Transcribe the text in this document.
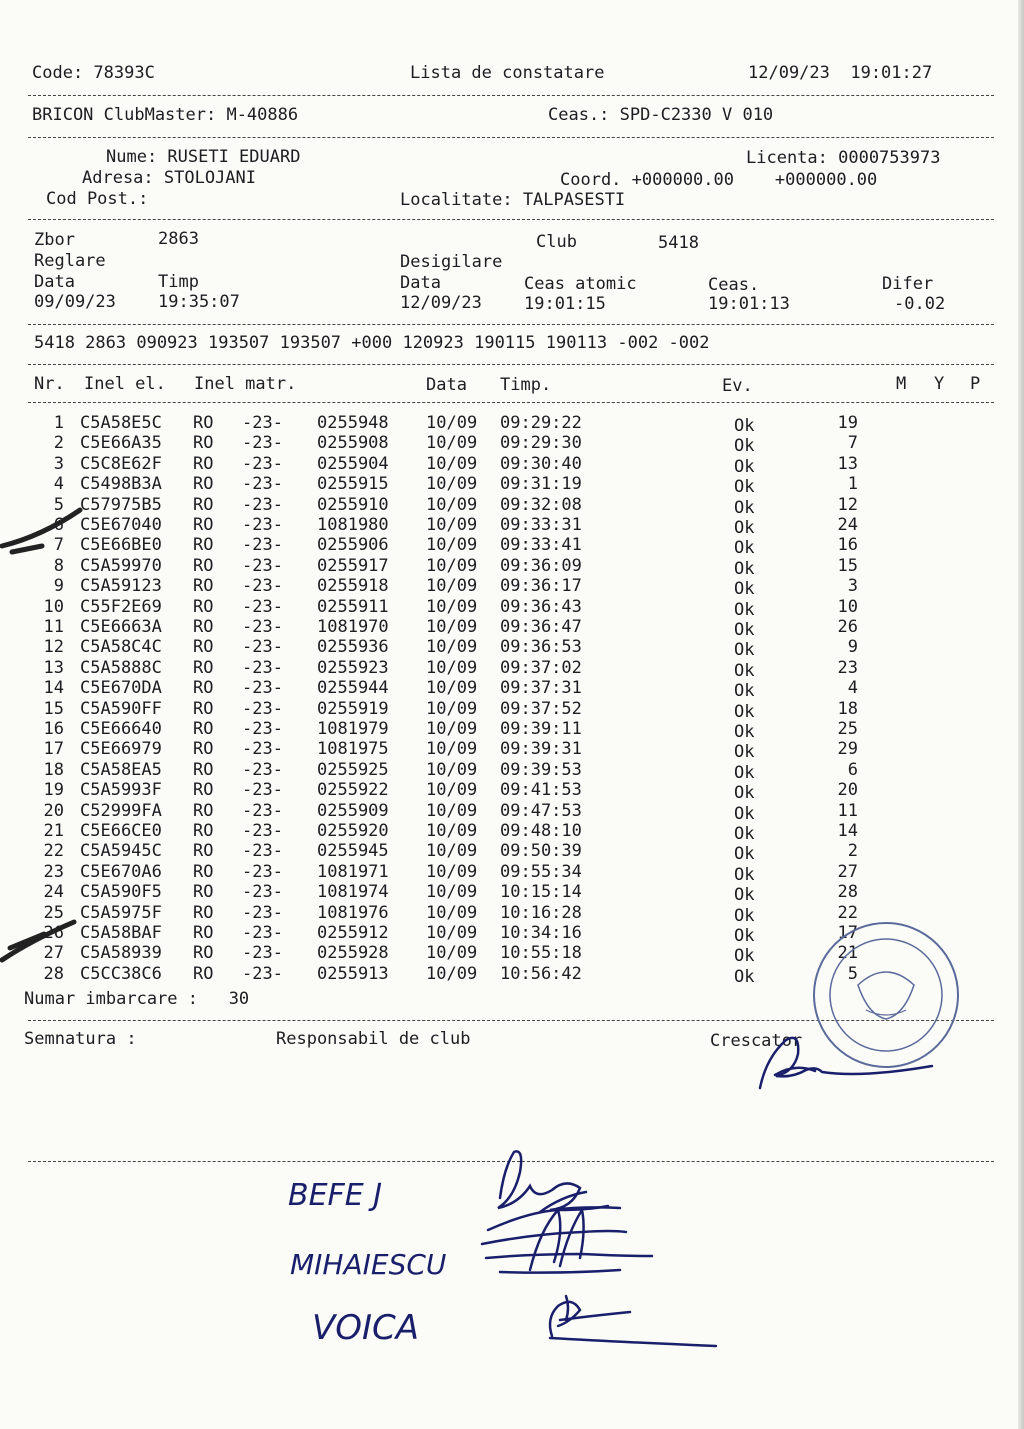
Code: 78393C	Lista de constatare	12/09/23  19:01:27
BRICON ClubMaster: M-40886	Ceas.: SPD-C2330 V 010
Nume: RUSETI EDUARD	Licenta: 0000753973
Adresa: STOLOJANI	Coord. +000000.00    +000000.00
Cod Post.:	Localitate: TALPASESTI
Zbor	2863	Club	5418
Reglare	Desigilare
Data	Timp	Data	Ceas atomic	Ceas.	Difer
09/09/23 19:35:07	12/09/23 19:01:15	19:01:13	-0.02
5418 2863 090923 193507 193507 +000 120923 190115 190113 -002 -002
Nr. Inel el. Inel matr.	Data Timp.	Ev.	M Y P
1 C5A58E5C RO -23- 0255948 10/09 09:29:22	Ok	19
2 C5E66A35 RO -23- 0255908 10/09 09:29:30	Ok	7
3 C5C8E62F RO -23- 0255904 10/09 09:30:40	Ok	13
4 C5498B3A RO -23- 0255915 10/09 09:31:19	Ok	1
5 C57975B5 RO -23- 0255910 10/09 09:32:08	Ok	12
6 C5E67040 RO -23- 1081980 10/09 09:33:31	Ok	24
7 C5E66BE0 RO -23- 0255906 10/09 09:33:41	Ok	16
8 C5A59970 RO -23- 0255917 10/09 09:36:09	Ok	15
9 C5A59123 RO -23- 0255918 10/09 09:36:17	Ok	3
10 C55F2E69 RO -23- 0255911 10/09 09:36:43	Ok	10
11 C5E6663A RO -23- 1081970 10/09 09:36:47	Ok	26
12 C5A58C4C RO -23- 0255936 10/09 09:36:53	Ok	9
13 C5A5888C RO -23- 0255923 10/09 09:37:02	Ok	23
14 C5E670DA RO -23- 0255944 10/09 09:37:31	Ok	4
15 C5A590FF RO -23- 0255919 10/09 09:37:52	Ok	18
16 C5E66640 RO -23- 1081979 10/09 09:39:11	Ok	25
17 C5E66979 RO -23- 1081975 10/09 09:39:31	Ok	29
18 C5A58EA5 RO -23- 0255925 10/09 09:39:53	Ok	6
19 C5A5993F RO -23- 0255922 10/09 09:41:53	Ok	20
20 C52999FA RO -23- 0255909 10/09 09:47:53	Ok	11
21 C5E66CE0 RO -23- 0255920 10/09 09:48:10	Ok	14
22 C5A5945C RO -23- 0255945 10/09 09:50:39	Ok	2
23 C5E670A6 RO -23- 1081971 10/09 09:55:34	Ok	27
24 C5A590F5 RO -23- 1081974 10/09 10:15:14	Ok	28
25 C5A5975F RO -23- 1081976 10/09 10:16:28	Ok	22
26 C5A58BAF RO -23- 0255912 10/09 10:34:16	Ok	17
27 C5A58939 RO -23- 0255928 10/09 10:55:18	Ok	21
28 C5CC38C6 RO -23- 0255913 10/09 10:56:42	Ok	5
Numar imbarcare :   30
Semnatura :	Responsabil de club	Crescator
BEFE J
MIHAIESCU
VOICA
